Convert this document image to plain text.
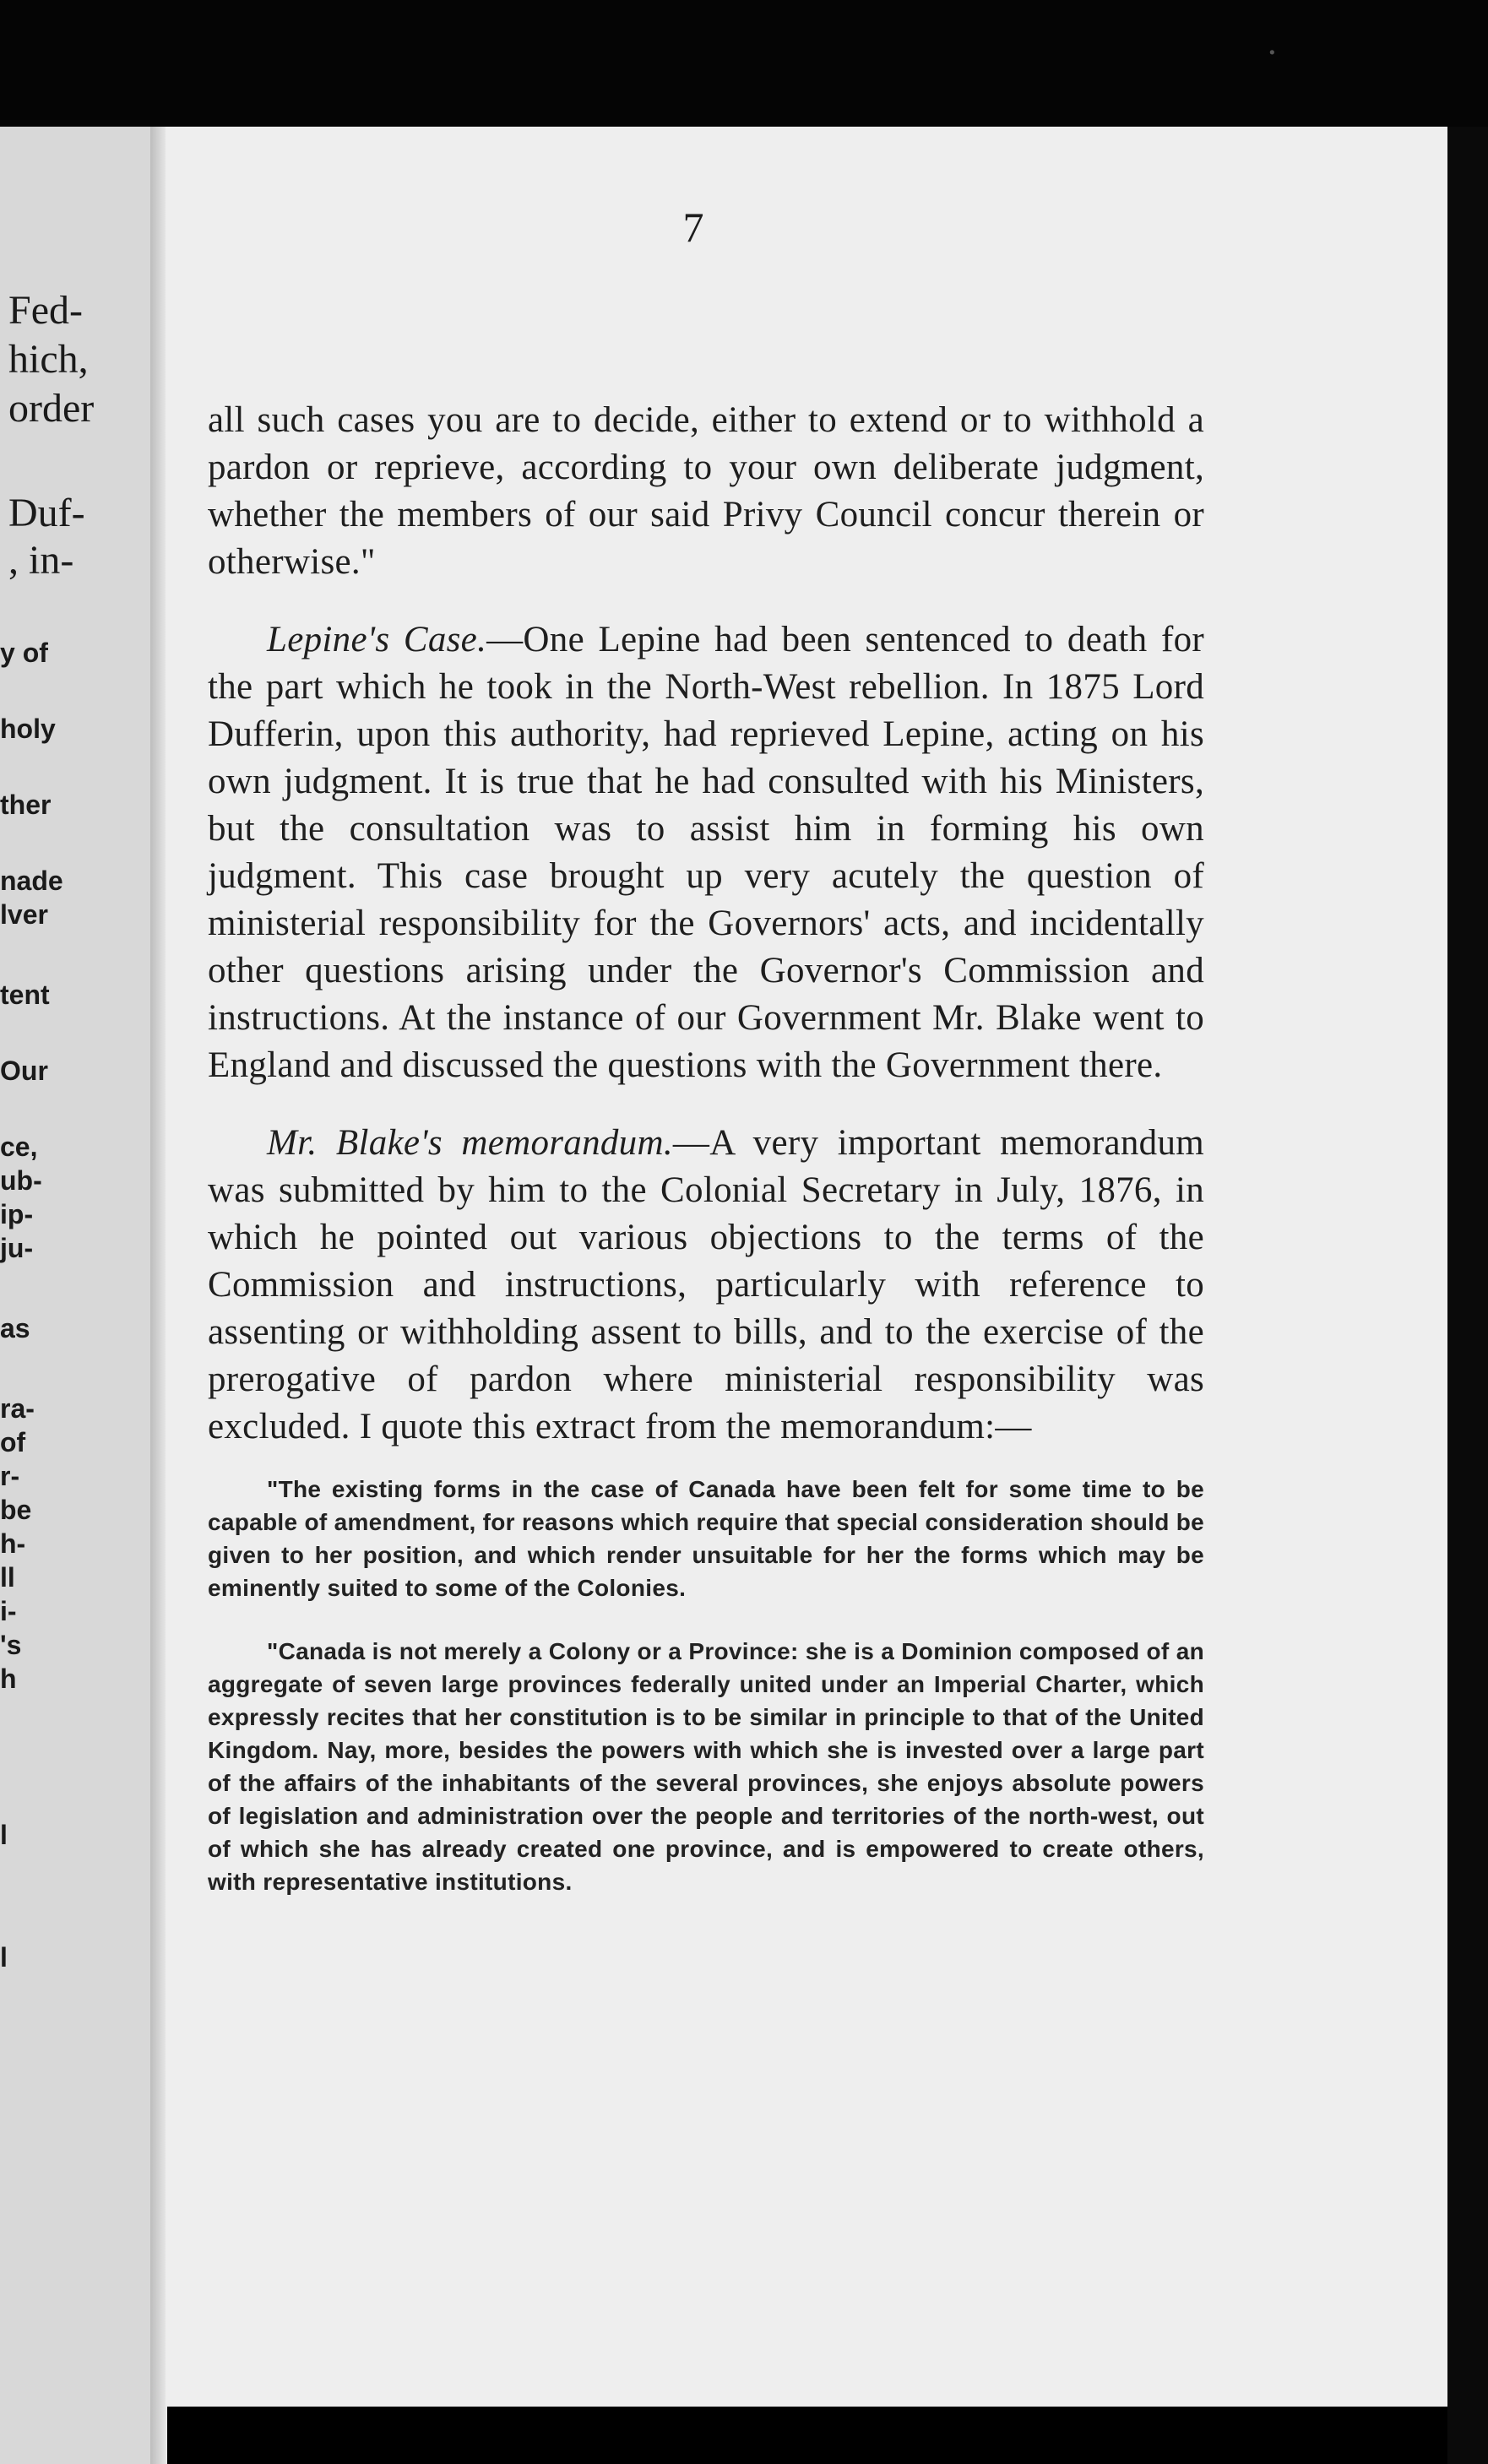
·
Fed-
hich,
order
Duf-
, in-
y of
holy
ther
nade
lver
tent
Our
ce,
ub-
ip-
ju-
as
ra-
of
r-
be
h-
ll
i-
's
h
l
l
7

all such cases you are to decide, either to extend or to withhold a pardon or reprieve, according to your own deliberate judgment, whether the members of our said Privy Council concur therein or otherwise."

Lepine's Case.—One Lepine had been sentenced to death for the part which he took in the North-West rebellion. In 1875 Lord Dufferin, upon this authority, had reprieved Lepine, acting on his own judgment. It is true that he had consulted with his Ministers, but the consultation was to assist him in forming his own judgment. This case brought up very acutely the question of ministerial responsibility for the Governors' acts, and incidentally other questions arising under the Governor's Commission and instructions. At the instance of our Government Mr. Blake went to England and discussed the questions with the Government there.

Mr. Blake's memorandum.—A very important memorandum was submitted by him to the Colonial Secretary in July, 1876, in which he pointed out various objections to the terms of the Commission and instructions, particularly with reference to assenting or withholding assent to bills, and to the exercise of the prerogative of pardon where ministerial responsibility was excluded. I quote this extract from the memorandum:—

"The existing forms in the case of Canada have been felt for some time to be capable of amendment, for reasons which require that special consideration should be given to her position, and which render unsuitable for her the forms which may be eminently suited to some of the Colonies.

"Canada is not merely a Colony or a Province: she is a Dominion composed of an aggregate of seven large provinces federally united under an Imperial Charter, which expressly recites that her constitution is to be similar in principle to that of the United Kingdom. Nay, more, besides the powers with which she is invested over a large part of the affairs of the inhabitants of the several provinces, she enjoys absolute powers of legislation and administration over the people and territories of the north-west, out of which she has already created one province, and is empowered to create others, with representative institutions.
